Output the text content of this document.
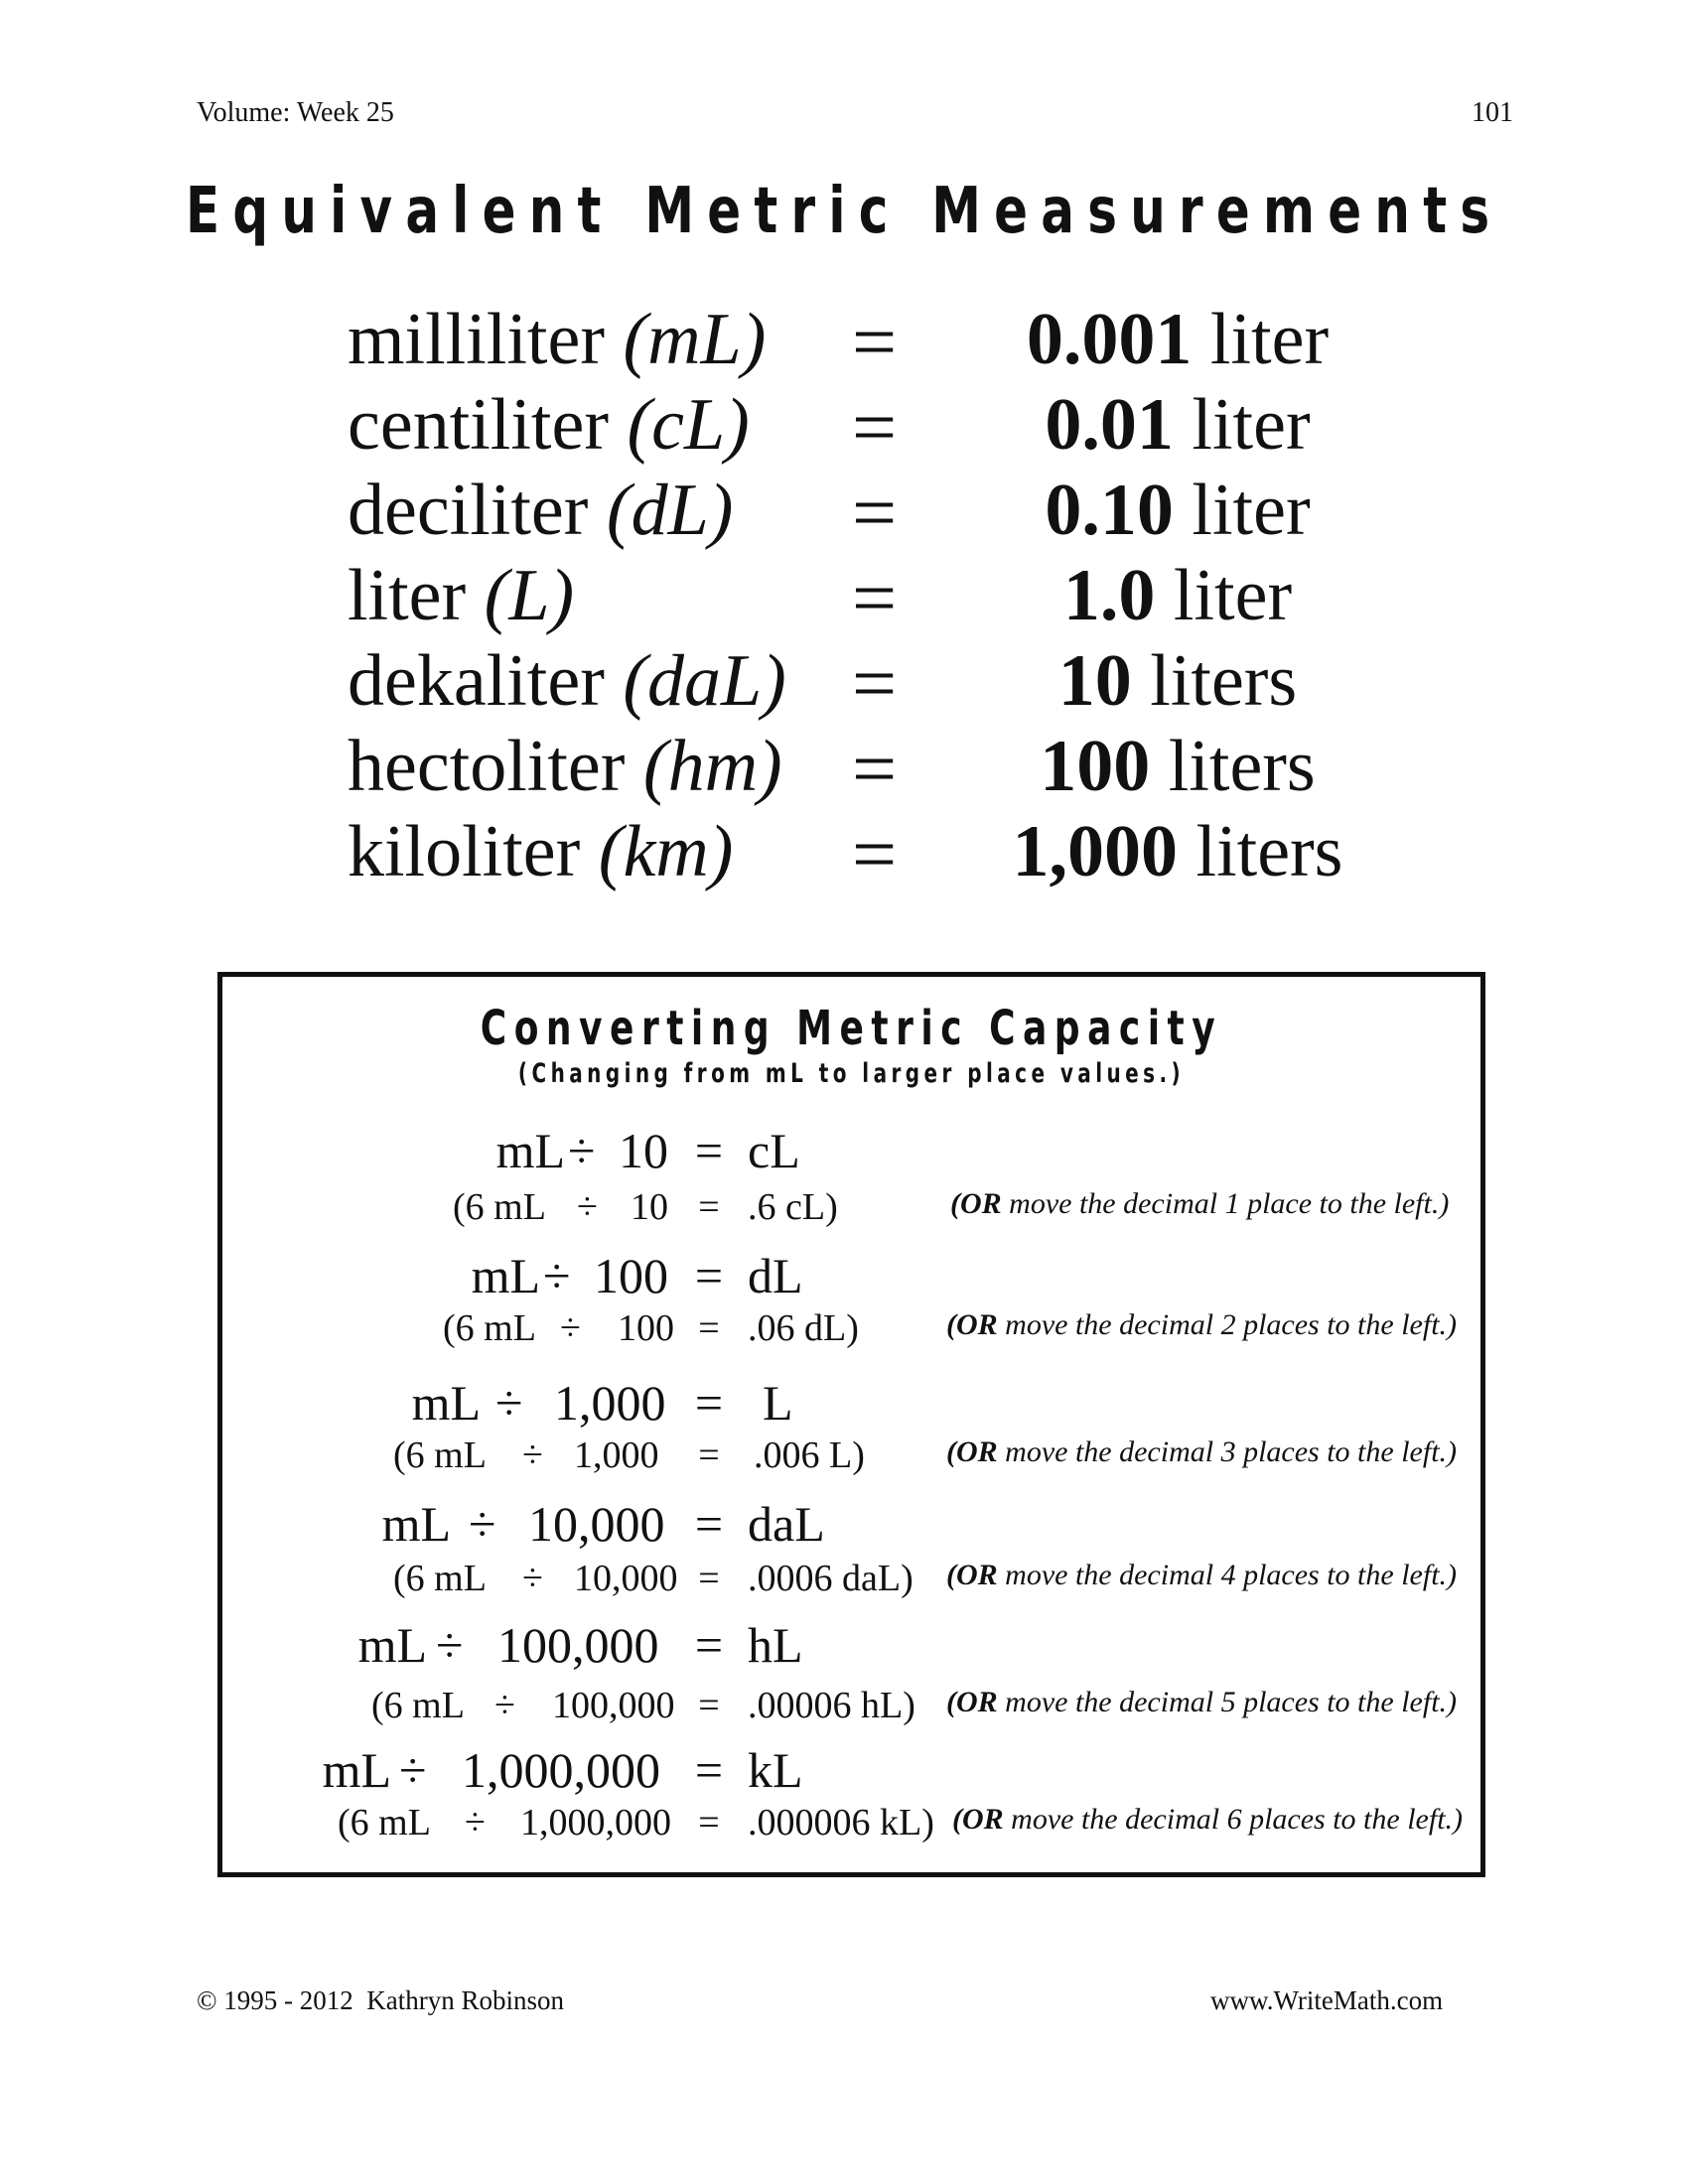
Volume: Week 25	101
Equivalent Metric Measurements
milliliter (mL) = 0.001 liter
centiliter (cL) = 0.01 liter
deciliter (dL) = 0.10 liter
liter (L)	= 1.0 liter
dekaliter (daL) = 10 liters
hectoliter (hm) = 100 liters
kiloliter (km) = 1,000 liters
Converting Metric Capacity
(Changing from mL to larger place values.)
mL ÷ 10 = cL
(6 mL ÷ 10 = .6 cL)	(OR move the decimal 1 place to the left.)
mL ÷ 100 = dL
(6 mL ÷ 100 = .06 dL)	(OR move the decimal 2 places to the left.)
mL ÷ 1,000 = L
(6 mL ÷ 1,000 = .006 L)	(OR move the decimal 3 places to the left.)
mL ÷ 10,000 = daL
(6 mL ÷ 10,000 = .0006 daL) (OR move the decimal 4 places to the left.)
mL ÷ 100,000 = hL
(6 mL ÷ 100,000 = .00006 hL) (OR move the decimal 5 places to the left.)
mL ÷ 1,000,000 = kL
(6 mL ÷ 1,000,000 = .000006 kL) (OR move the decimal 6 places to the left.)
© 1995 - 2012  Kathryn Robinson	www.WriteMath.com
